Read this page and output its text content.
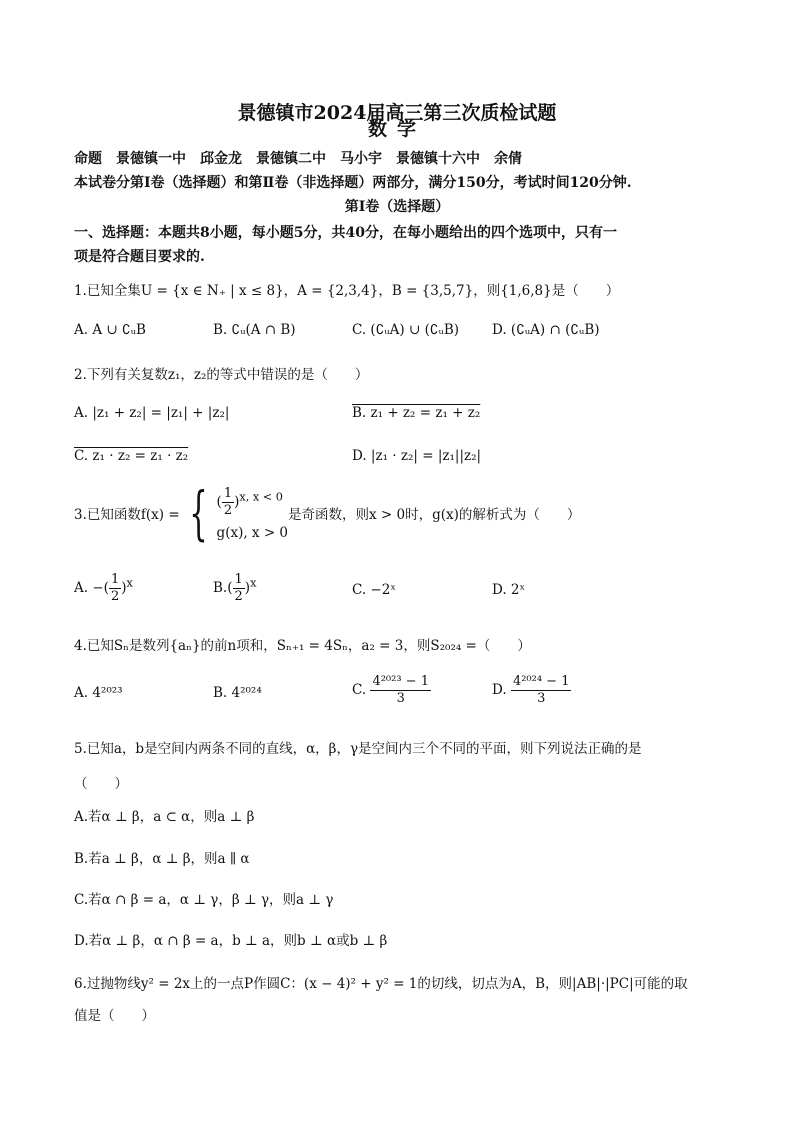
景德镇市2024届高三第三次质检试题
数学
命题　景德镇一中　邱金龙　景德镇二中　马小宇　景德镇十六中　余倩
本试卷分第Ⅰ卷（选择题）和第Ⅱ卷（非选择题）两部分，满分150分，考试时间120分钟.
第Ⅰ卷（选择题）
一、选择题：本题共8小题，每小题5分，共40分，在每小题给出的四个选项中，只有一
项是符合题目要求的.
1.已知全集U = {x ∈ N₊ | x ≤ 8}，A = {2,3,4}，B = {3,5,7}，则{1,6,8}是（　　）
A. A ∪ ∁ᵤB	B. ∁ᵤ(A ∩ B)	C. (∁ᵤA) ∪ (∁ᵤB) D. (∁ᵤA) ∩ (∁ᵤB)
2.下列有关复数z₁，z₂的等式中错误的是（　　）
A. |z₁ + z₂| = |z₁| + |z₂|	B. z₁ + z₂ = z₁ + z₂
C. z₁ · z₂ = z₁ · z₂	D. |z₁ · z₂| = |z₁||z₂|
3.已知函数f(x) = { ( $\frac{1}{2} )^{x, x < 0}$
g(x), x > 0
是奇函数，则x > 0时，g(x)的解析式为（　　）
A. −( $\frac{1}{2} )^x$	$B.( \frac{1}{2} )^x$	C. −2ˣ	D. 2ˣ
4.已知Sₙ是数列{aₙ}的前n项和，Sₙ₊₁ = 4Sₙ，a₂ = 3，则S₂₀₂₄ =（　　）
A. 4²⁰²³	B. 4²⁰²⁴	C. $\frac{\text{4²⁰²³ − 1}}{3}$	D. $\frac{\text{4²⁰²⁴ − 1}}{3}$
5.已知a，b是空间内两条不同的直线，α，β，γ是空间内三个不同的平面，则下列说法正确的是
（　　）
A.若α ⊥ β，a ⊂ α，则a ⊥ β
B.若a ⊥ β，α ⊥ β，则a ∥ α
C.若α ∩ β = a，α ⊥ γ，β ⊥ γ，则a ⊥ γ
D.若α ⊥ β，α ∩ β = a，b ⊥ a，则b ⊥ α或b ⊥ β
6.过抛物线y² = 2x上的一点P作圆C：(x − 4)² + y² = 1的切线，切点为A，B，则|AB|·|PC|可能的取
值是（　　）
